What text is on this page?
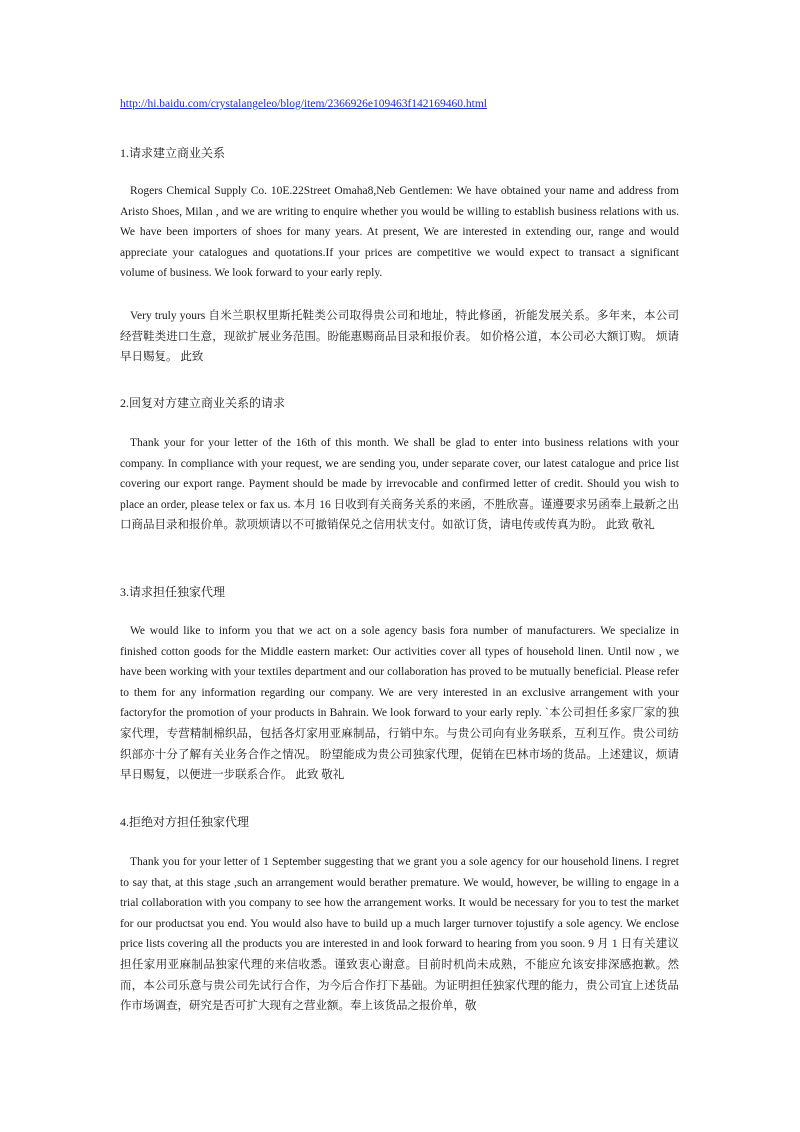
http://hi.baidu.com/crystalangeleo/blog/item/2366926e109463f142169460.html
1.请求建立商业关系
Rogers Chemical Supply Co. 10E.22Street Omaha8,Neb Gentlemen: We have obtained your name and address from Aristo Shoes, Milan , and we are writing to enquire whether you would be willing to establish business relations with us. We have been importers of shoes for many years. At present, We are interested in extending our, range and would appreciate your catalogues and quotations.If your prices are competitive we would expect to transact a significant volume of business. We look forward to your early reply.
Very truly yours 自米兰职权里斯托鞋类公司取得贵公司和地址，特此修函，祈能发展关系。多年来，本公司经营鞋类进口生意，现欲扩展业务范围。盼能惠赐商品目录和报价表。 如价格公道，本公司必大额订购。 烦请早日赐复。 此致
2.回复对方建立商业关系的请求
Thank your for your letter of the 16th of this month. We shall be glad to enter into business relations with your company. In compliance with your request, we are sending you, under separate cover, our latest catalogue and price list covering our export range. Payment should be made by irrevocable and confirmed letter of credit. Should you wish to place an order, please telex or fax us. 本月 16 日收到有关商务关系的来函，不胜欣喜。谨遵要求另函奉上最新之出口商品目录和报价单。款项烦请以不可撤销保兑之信用状支付。如欲订货，请电传或传真为盼。 此致 敬礼
3.请求担任独家代理
We would like to inform you that we act on a sole agency basis fora number of manufacturers. We specialize in finished cotton goods for the Middle eastern market: Our activities cover all types of household linen. Until now , we have been working with your textiles department and our collaboration has proved to be mutually beneficial. Please refer to them for any information regarding our company. We are very interested in an exclusive arrangement with your factoryfor the promotion of your products in Bahrain. We look forward to your early reply. `本公司担任多家厂家的独家代理，专营精制棉织品，包括各灯家用亚麻制品，行销中东。与贵公司向有业务联系，互利互作。贵公司纺织部亦十分了解有关业务合作之情况。 盼望能成为贵公司独家代理，促销在巴林市场的货品。上述建议，烦请早日赐复，以便进一步联系合作。 此致 敬礼
4.拒绝对方担任独家代理
Thank you for your letter of 1 September suggesting that we grant you a sole agency for our household linens. I regret to say that, at this stage ,such an arrangement would berather premature. We would, however, be willing to engage in a trial collaboration with you company to see how the arrangement works. It would be necessary for you to test the market for our productsat you end. You would also have to build up a much larger turnover tojustify a sole agency. We enclose price lists covering all the products you are interested in and look forward to hearing from you soon. 9 月 1 日有关建议担任家用亚麻制品独家代理的来信收悉。谨致衷心谢意。目前时机尚未成熟，不能应允该安排深感抱歉。然而，本公司乐意与贵公司先试行合作，为今后合作打下基础。为证明担任独家代理的能力，贵公司宜上述货品作市场调查，研究是否可扩大现有之营业额。奉上该货品之报价单，敬
